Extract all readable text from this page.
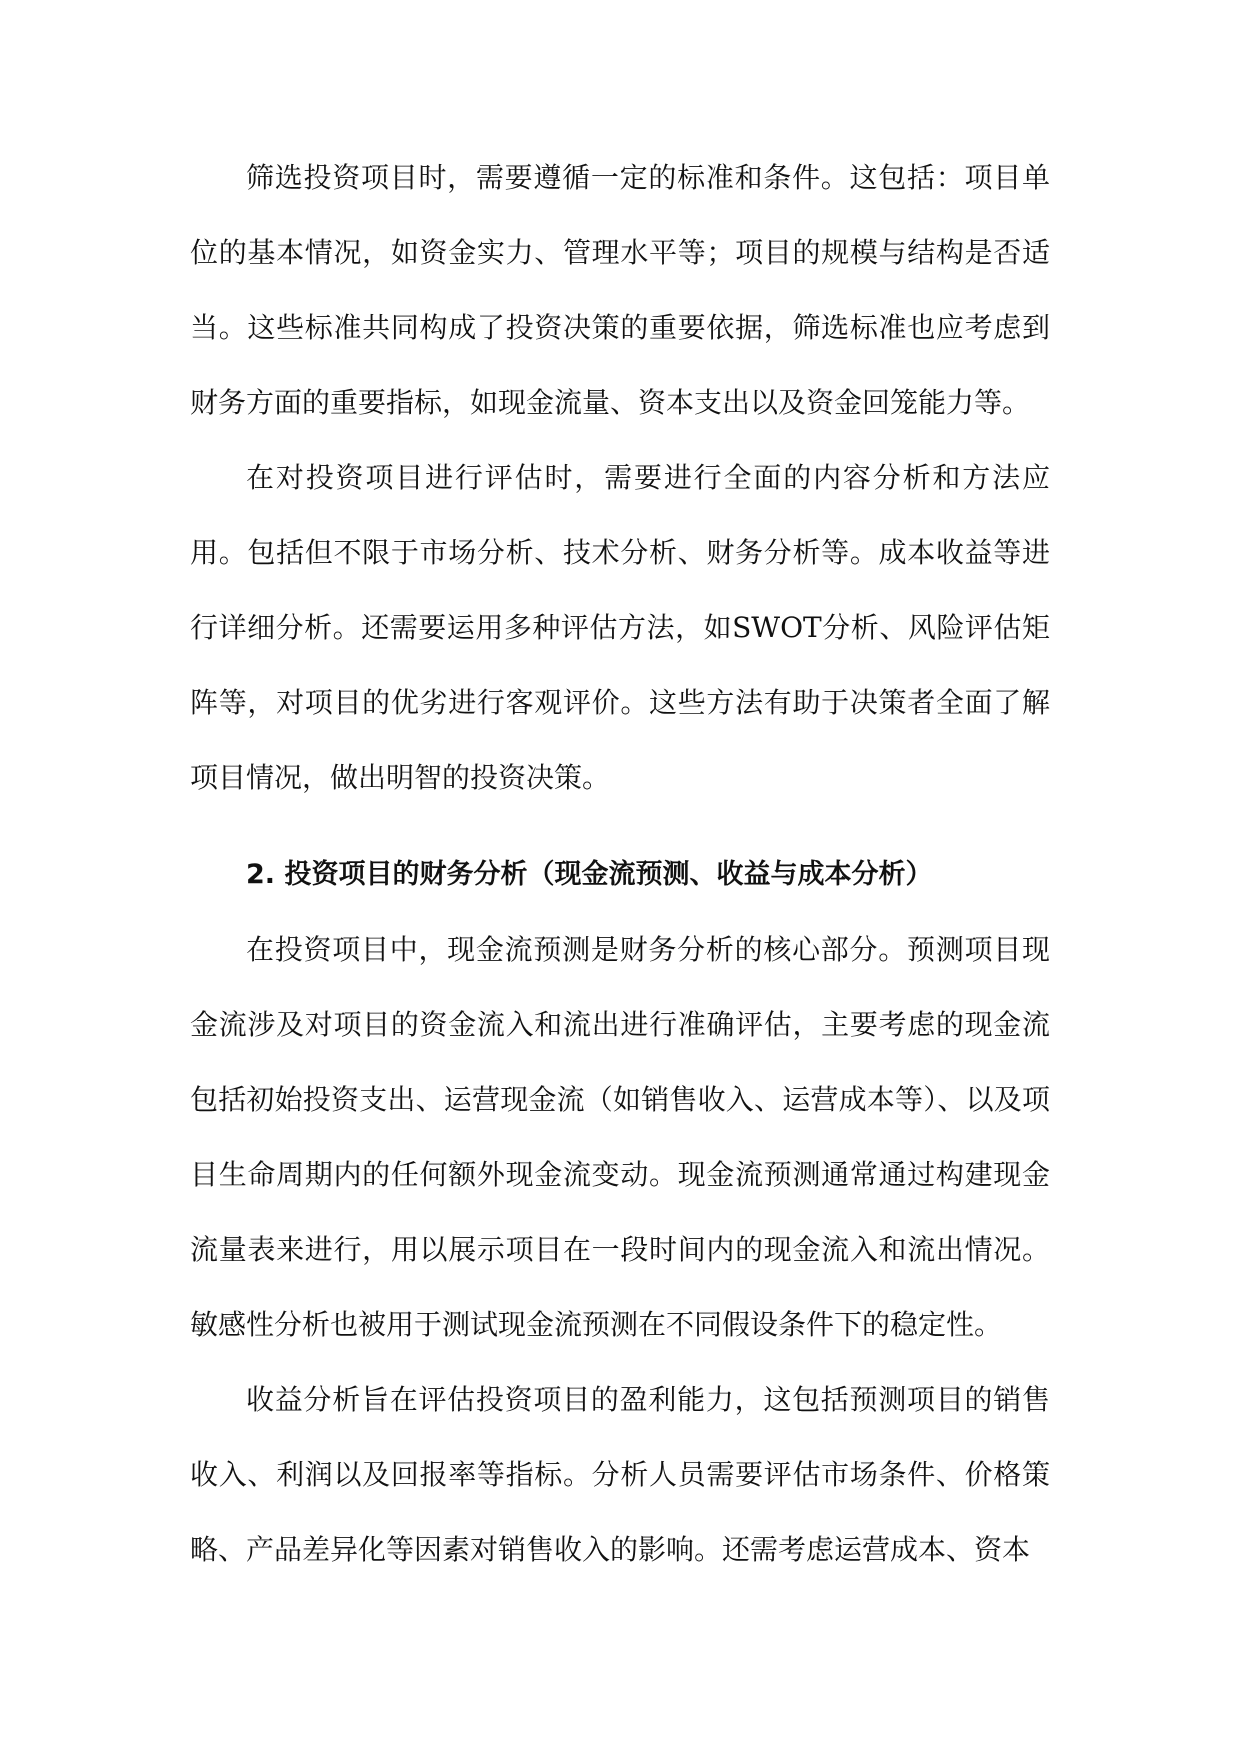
筛选投资项目时，需要遵循一定的标准和条件。这包括：项目单位的基本情况，如资金实力、管理水平等；项目的规模与结构是否适当。这些标准共同构成了投资决策的重要依据，筛选标准也应考虑到财务方面的重要指标，如现金流量、资本支出以及资金回笼能力等。

在对投资项目进行评估时，需要进行全面的内容分析和方法应用。包括但不限于市场分析、技术分析、财务分析等。成本收益等进行详细分析。还需要运用多种评估方法，如SWOT分析、风险评估矩阵等，对项目的优劣进行客观评价。这些方法有助于决策者全面了解项目情况，做出明智的投资决策。

2. 投资项目的财务分析（现金流预测、收益与成本分析）

在投资项目中，现金流预测是财务分析的核心部分。预测项目现金流涉及对项目的资金流入和流出进行准确评估，主要考虑的现金流包括初始投资支出、运营现金流（如销售收入、运营成本等）、以及项目生命周期内的任何额外现金流变动。现金流预测通常通过构建现金流量表来进行，用以展示项目在一段时间内的现金流入和流出情况。敏感性分析也被用于测试现金流预测在不同假设条件下的稳定性。

收益分析旨在评估投资项目的盈利能力，这包括预测项目的销售收入、利润以及回报率等指标。分析人员需要评估市场条件、价格策略、产品差异化等因素对销售收入的影响。还需考虑运营成本、资本
